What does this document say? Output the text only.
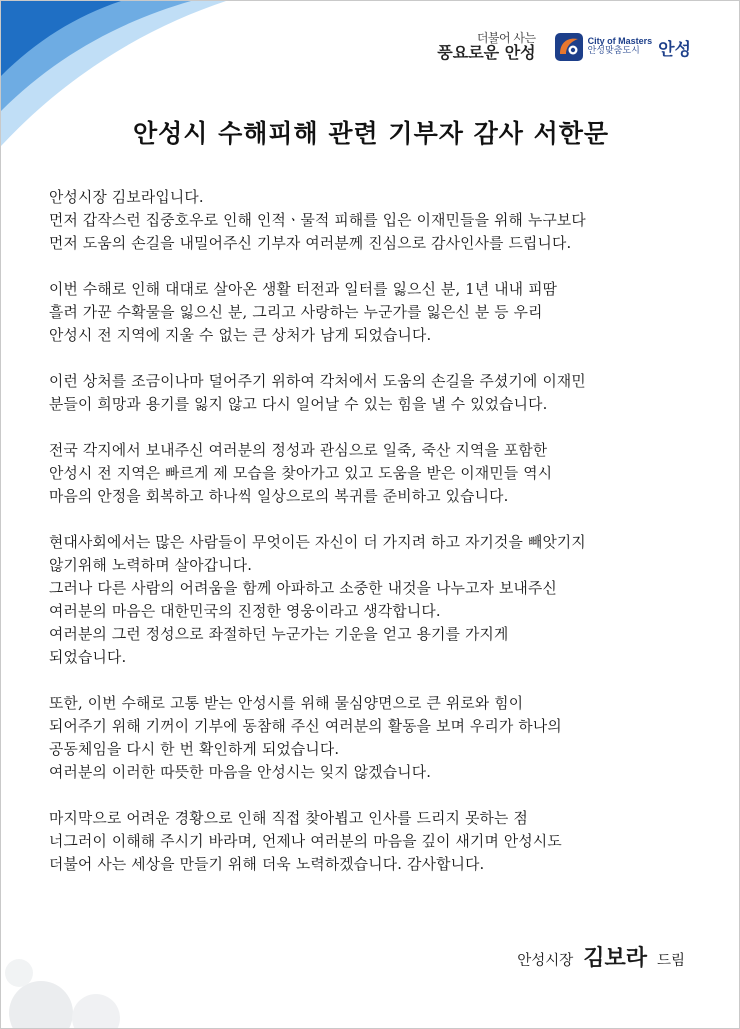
더불어 사는
풍요로운 안성
City of Masters
안성맞춤도시	안성
안성시 수해피해 관련 기부자 감사 서한문
안성시장 김보라입니다.
먼저 갑작스런 집중호우로 인해 인적ㆍ물적 피해를 입은 이재민들을 위해 누구보다
먼저 도움의 손길을 내밀어주신 기부자 여러분께 진심으로 감사인사를 드립니다.
이번 수해로 인해 대대로 살아온 생활 터전과 일터를 잃으신 분, 1년 내내 피땀
흘려 가꾼 수확물을 잃으신 분, 그리고 사랑하는 누군가를 잃은신 분 등 우리
안성시 전 지역에 지울 수 없는 큰 상처가 남게 되었습니다.
이런 상처를 조금이나마 덜어주기 위하여 각처에서 도움의 손길을 주셨기에 이재민
분들이 희망과 용기를 잃지 않고 다시 일어날 수 있는 힘을 낼 수 있었습니다.
전국 각지에서 보내주신 여러분의 정성과 관심으로 일죽, 죽산 지역을 포함한
안성시 전 지역은 빠르게 제 모습을 찾아가고 있고 도움을 받은 이재민들 역시
마음의 안정을 회복하고 하나씩 일상으로의 복귀를 준비하고 있습니다.
현대사회에서는 많은 사람들이 무엇이든 자신이 더 가지려 하고 자기것을 빼앗기지
않기위해 노력하며 살아갑니다.
그러나 다른 사람의 어려움을 함께 아파하고 소중한 내것을 나누고자 보내주신
여러분의 마음은 대한민국의 진정한 영웅이라고 생각합니다.
여러분의 그런 정성으로 좌절하던 누군가는 기운을 얻고 용기를 가지게
되었습니다.
또한, 이번 수해로 고통 받는 안성시를 위해 물심양면으로 큰 위로와 힘이
되어주기 위해 기꺼이 기부에 동참해 주신 여러분의 활동을 보며 우리가 하나의
공동체임을 다시 한 번 확인하게 되었습니다.
여러분의 이러한 따뜻한 마음을 안성시는 잊지 않겠습니다.
마지막으로 어려운 경황으로 인해 직접 찾아뵙고 인사를 드리지 못하는 점
너그러이 이해해 주시기 바라며, 언제나 여러분의 마음을 깊이 새기며 안성시도
더불어 사는 세상을 만들기 위해 더욱 노력하겠습니다. 감사합니다.
안성시장 김보라 드림
